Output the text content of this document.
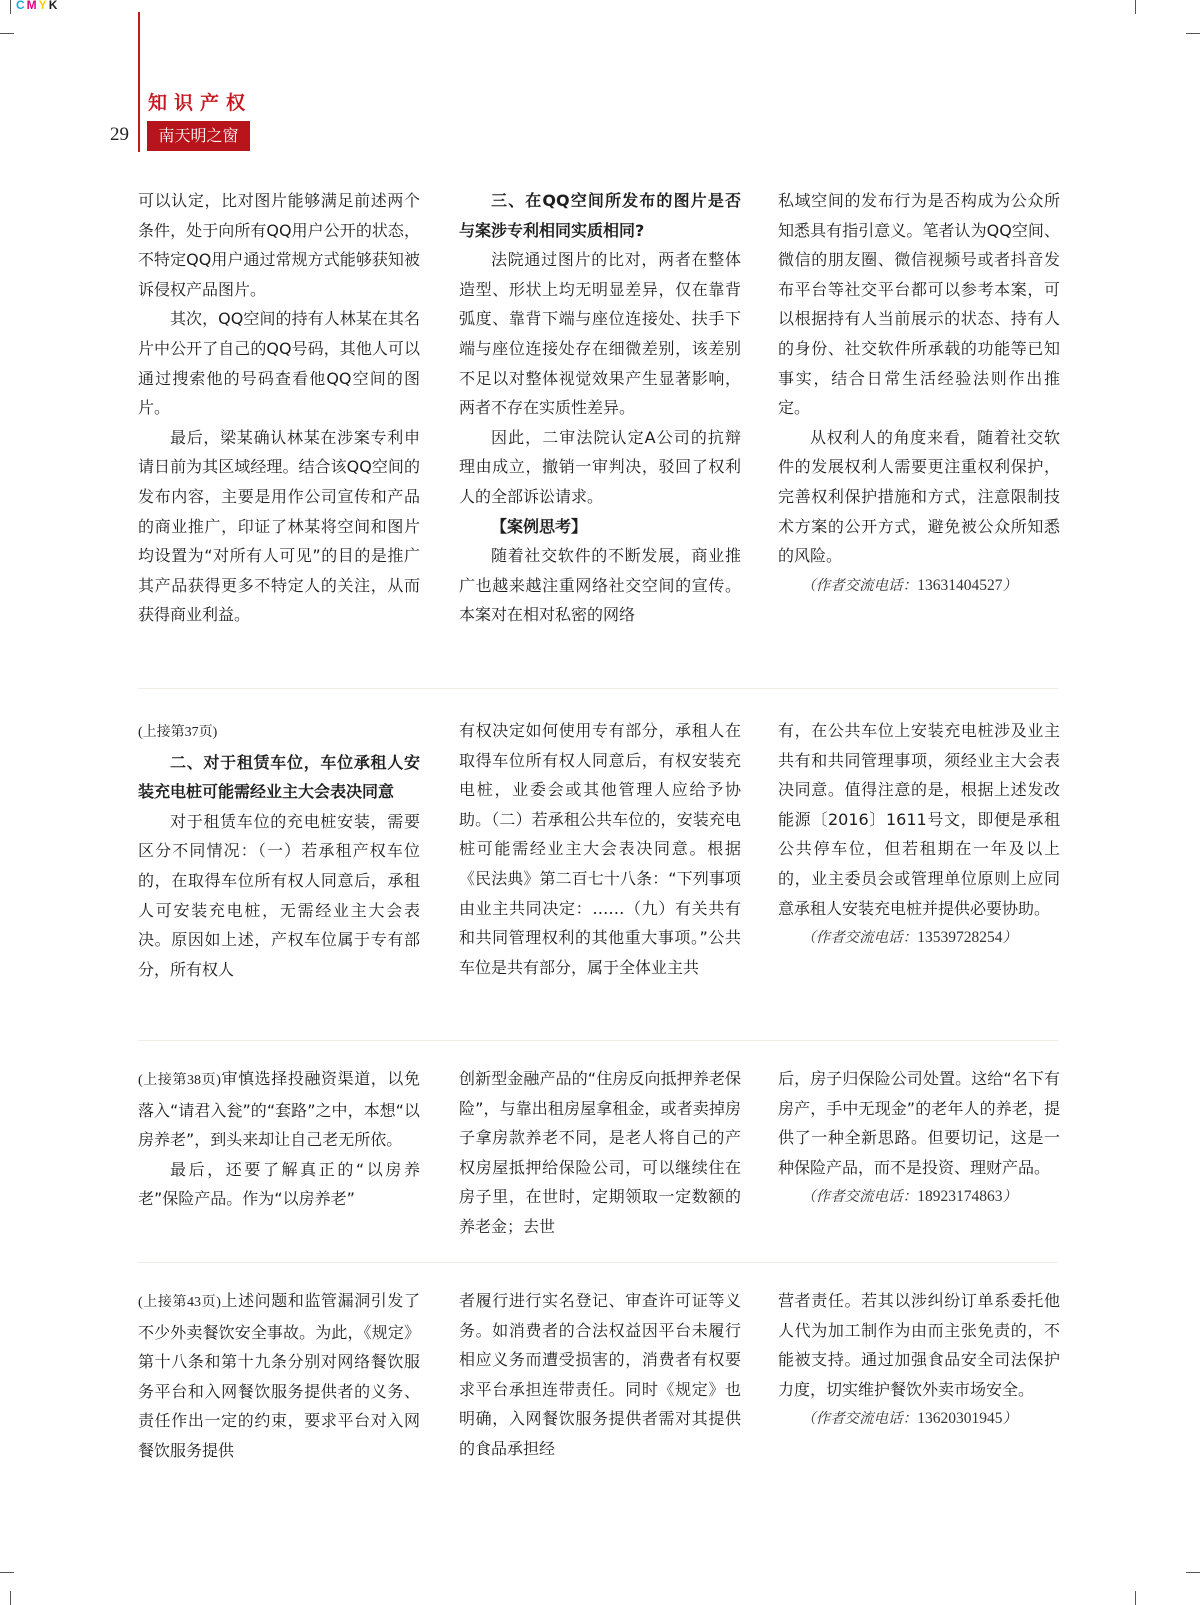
CMYK
知识产权
29	南天明之窗

可以认定，比对图片能够满足前述两个条件，处于向所有QQ用户公开的状态，不特定QQ用户通过常规方式能够获知被诉侵权产品图片。

其次，QQ空间的持有人林某在其名片中公开了自己的QQ号码，其他人可以通过搜索他的号码查看他QQ空间的图片。

最后，梁某确认林某在涉案专利申请日前为其区域经理。结合该QQ空间的发布内容，主要是用作公司宣传和产品的商业推广，印证了林某将空间和图片均设置为“对所有人可见”的目的是推广其产品获得更多不特定人的关注，从而获得商业利益。

三、在QQ空间所发布的图片是否与案涉专利相同实质相同?

法院通过图片的比对，两者在整体造型、形状上均无明显差异，仅在靠背弧度、靠背下端与座位连接处、扶手下端与座位连接处存在细微差别，该差别不足以对整体视觉效果产生显著影响，两者不存在实质性差异。

因此，二审法院认定A公司的抗辩理由成立，撤销一审判决，驳回了权利人的全部诉讼请求。

【案例思考】

随着社交软件的不断发展，商业推广也越来越注重网络社交空间的宣传。本案对在相对私密的网络

私域空间的发布行为是否构成为公众所知悉具有指引意义。笔者认为QQ空间、微信的朋友圈、微信视频号或者抖音发布平台等社交平台都可以参考本案，可以根据持有人当前展示的状态、持有人的身份、社交软件所承载的功能等已知事实，结合日常生活经验法则作出推定。

从权利人的角度来看，随着社交软件的发展权利人需要更注重权利保护，完善权利保护措施和方式，注意限制技术方案的公开方式，避免被公众所知悉的风险。

（作者交流电话：13631404527）

(上接第37页)

二、对于租赁车位，车位承租人安装充电桩可能需经业主大会表决同意

对于租赁车位的充电桩安装，需要区分不同情况：（一）若承租产权车位的，在取得车位所有权人同意后，承租人可安装充电桩，无需经业主大会表决。原因如上述，产权车位属于专有部分，所有权人

有权决定如何使用专有部分，承租人在取得车位所有权人同意后，有权安装充电桩，业委会或其他管理人应给予协助。（二）若承租公共车位的，安装充电桩可能需经业主大会表决同意。根据《民法典》第二百七十八条：“下列事项由业主共同决定：……（九）有关共有和共同管理权利的其他重大事项。”公共车位是共有部分，属于全体业主共

有，在公共车位上安装充电桩涉及业主共有和共同管理事项，须经业主大会表决同意。值得注意的是，根据上述发改能源〔2016〕1611号文，即便是承租公共停车位，但若租期在一年及以上的，业主委员会或管理单位原则上应同意承租人安装充电桩并提供必要协助。

（作者交流电话：13539728254）

(上接第38页)审慎选择投融资渠道，以免落入“请君入瓮”的“套路”之中，本想“以房养老”，到头来却让自己老无所依。

最后，还要了解真正的“以房养老”保险产品。作为“以房养老”

创新型金融产品的“住房反向抵押养老保险”，与靠出租房屋拿租金，或者卖掉房子拿房款养老不同，是老人将自己的产权房屋抵押给保险公司，可以继续住在房子里，在世时，定期领取一定数额的养老金；去世

后，房子归保险公司处置。这给“名下有房产，手中无现金”的老年人的养老，提供了一种全新思路。但要切记，这是一种保险产品，而不是投资、理财产品。

（作者交流电话：18923174863）

(上接第43页)上述问题和监管漏洞引发了不少外卖餐饮安全事故。为此，《规定》第十八条和第十九条分别对网络餐饮服务平台和入网餐饮服务提供者的义务、责任作出一定的约束，要求平台对入网餐饮服务提供

者履行进行实名登记、审查许可证等义务。如消费者的合法权益因平台未履行相应义务而遭受损害的，消费者有权要求平台承担连带责任。同时《规定》也明确，入网餐饮服务提供者需对其提供的食品承担经

营者责任。若其以涉纠纷订单系委托他人代为加工制作为由而主张免责的，不能被支持。通过加强食品安全司法保护力度，切实维护餐饮外卖市场安全。

（作者交流电话：13620301945）
